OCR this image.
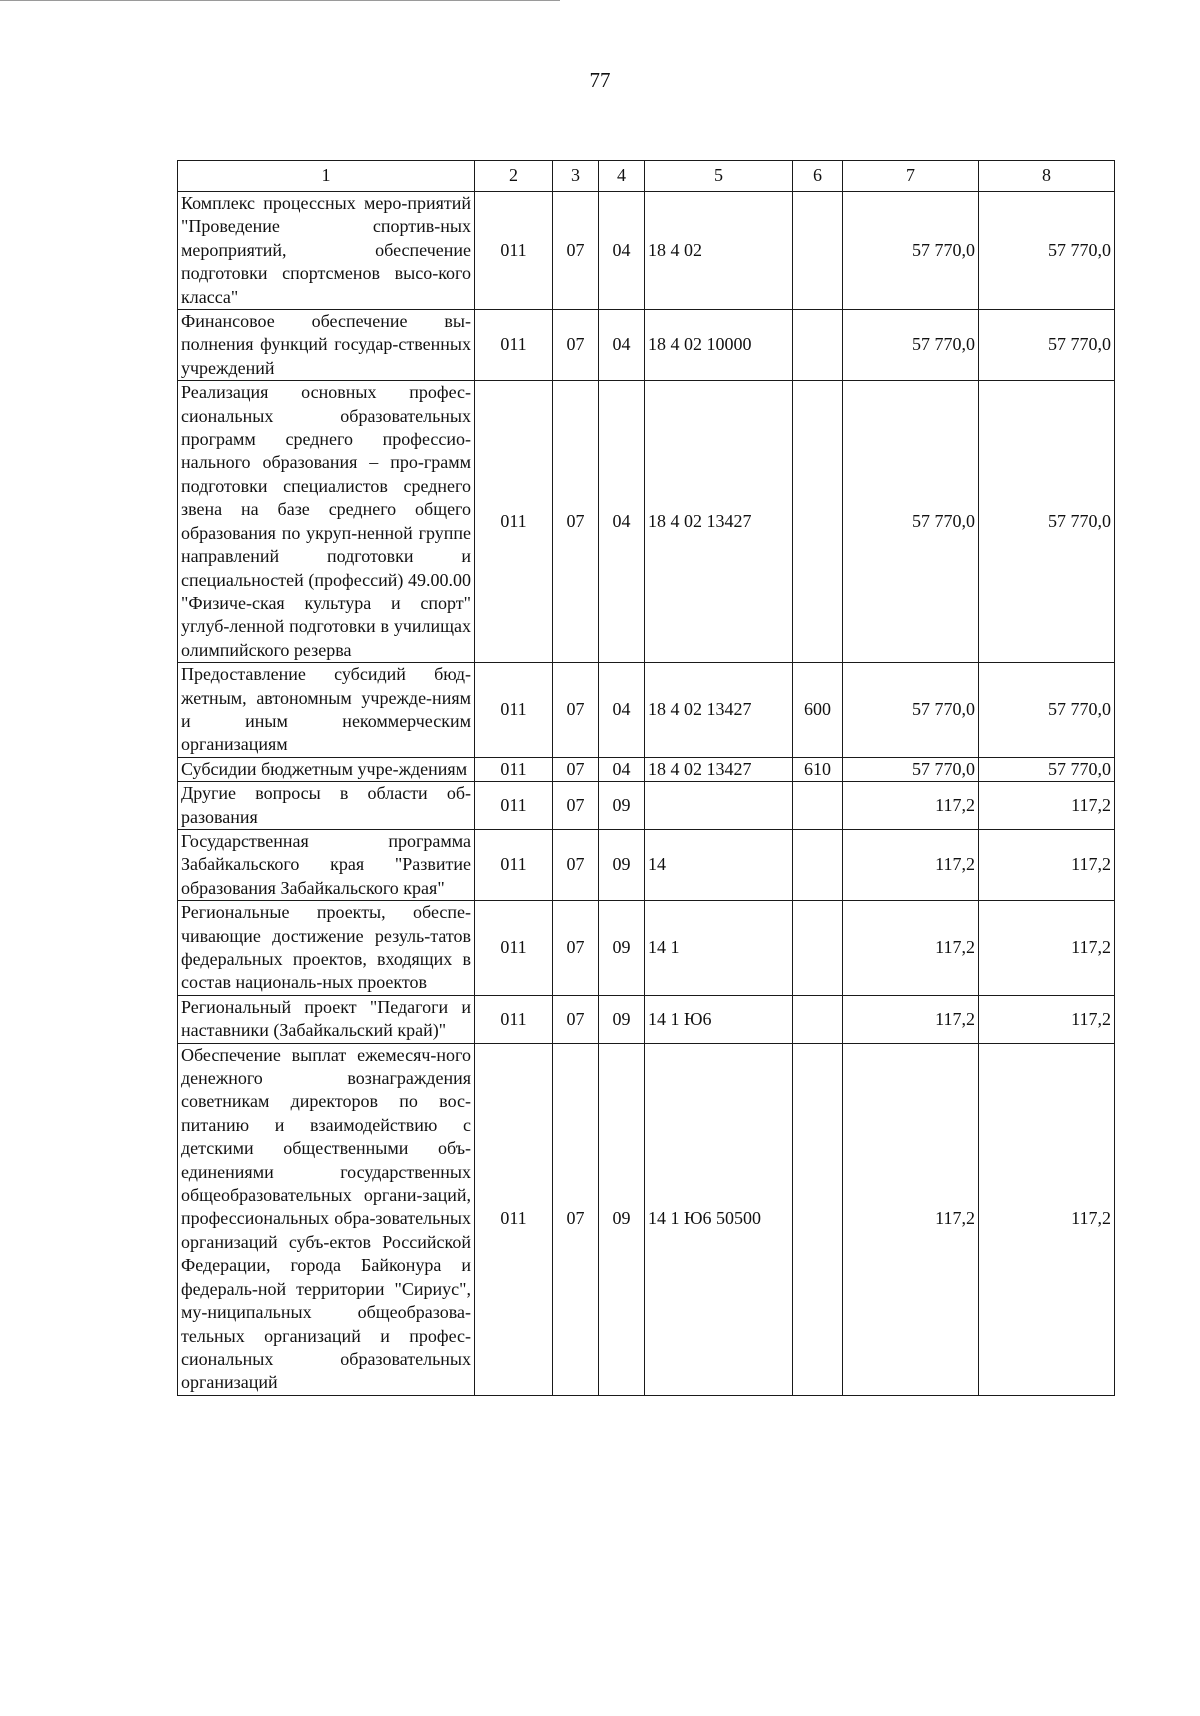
77
1	2	3	4	5	6	7	8
Комплекс процессных меро-приятий "Проведение спортив-ных мероприятий, обеспечение подготовки спортсменов высо-кого класса"	011	07	04	18 4 02		57 770,0	57 770,0
Финансовое обеспечение вы-полнения функций государ-ственных учреждений	011	07	04	18 4 02 10000		57 770,0	57 770,0
Реализация основных профес-сиональных образовательных программ среднего профессио-нального образования – про-грамм подготовки специалистов среднего звена на базе среднего общего образования по укруп-ненной группе направлений подготовки и специальностей (профессий) 49.00.00 "Физиче-ская культура и спорт" углуб-ленной подготовки в училищах олимпийского резерва	011	07	04	18 4 02 13427		57 770,0	57 770,0
Предоставление субсидий бюд-жетным, автономным учрежде-ниям и иным некоммерческим организациям	011	07	04	18 4 02 13427	600	57 770,0	57 770,0
Субсидии бюджетным учре-ждениям	011	07	04	18 4 02 13427	610	57 770,0	57 770,0
Другие вопросы в области об-разования	011	07	09			117,2	117,2
Государственная программа Забайкальского края "Развитие образования Забайкальского края"	011	07	09	14		117,2	117,2
Региональные проекты, обеспе-чивающие достижение резуль-татов федеральных проектов, входящих в состав националь-ных проектов	011	07	09	14 1		117,2	117,2
Региональный проект "Педагоги и наставники (Забайкальский край)"	011	07	09	14 1 Ю6		117,2	117,2
Обеспечение выплат ежемесяч-ного денежного вознаграждения советникам директоров по вос-питанию и взаимодействию с детскими общественными объ-единениями государственных общеобразовательных органи-заций, профессиональных обра-зовательных организаций субъ-ектов Российской Федерации, города Байконура и федераль-ной территории "Сириус", му-ниципальных общеобразова-тельных организаций и профес-сиональных образовательных организаций	011	07	09	14 1 Ю6 50500		117,2	117,2
